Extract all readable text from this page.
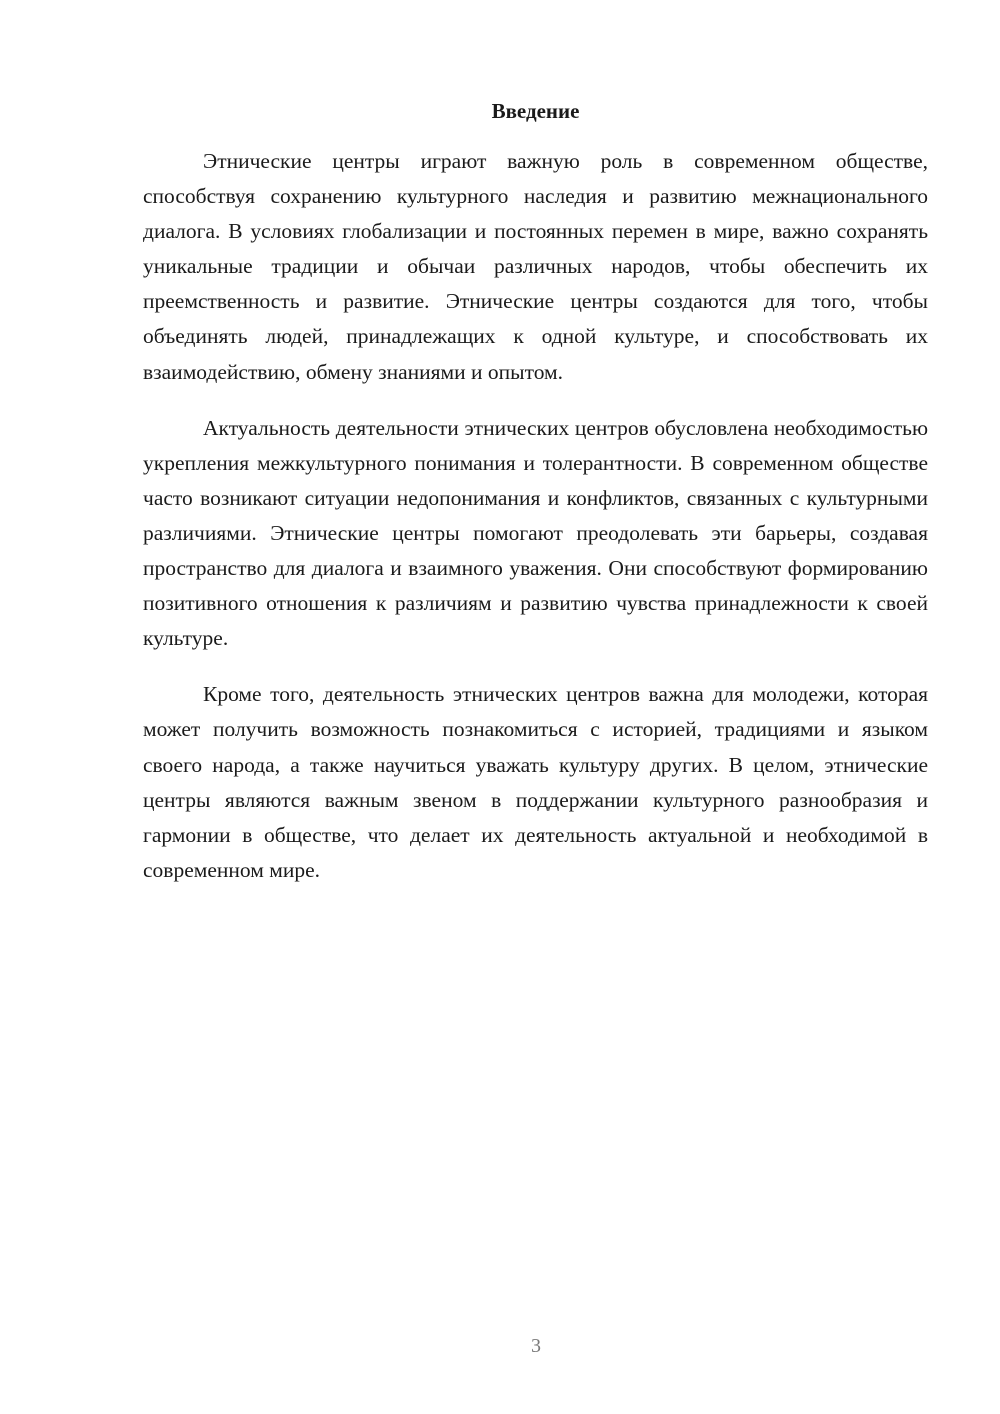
Введение

Этнические центры играют важную роль в современном обществе, способствуя сохранению культурного наследия и развитию межнационального диалога. В условиях глобализации и постоянных перемен в мире, важно сохранять уникальные традиции и обычаи различных народов, чтобы обеспечить их преемственность и развитие. Этнические центры создаются для того, чтобы объединять людей, принадлежащих к одной культуре, и способствовать их взаимодействию, обмену знаниями и опытом.

Актуальность деятельности этнических центров обусловлена необходимостью укрепления межкультурного понимания и толерантности. В современном обществе часто возникают ситуации недопонимания и конфликтов, связанных с культурными различиями. Этнические центры помогают преодолевать эти барьеры, создавая пространство для диалога и взаимного уважения. Они способствуют формированию позитивного отношения к различиям и развитию чувства принадлежности к своей культуре.

Кроме того, деятельность этнических центров важна для молодежи, которая может получить возможность познакомиться с историей, традициями и языком своего народа, а также научиться уважать культуру других. В целом, этнические центры являются важным звеном в поддержании культурного разнообразия и гармонии в обществе, что делает их деятельность актуальной и необходимой в современном мире.

3
